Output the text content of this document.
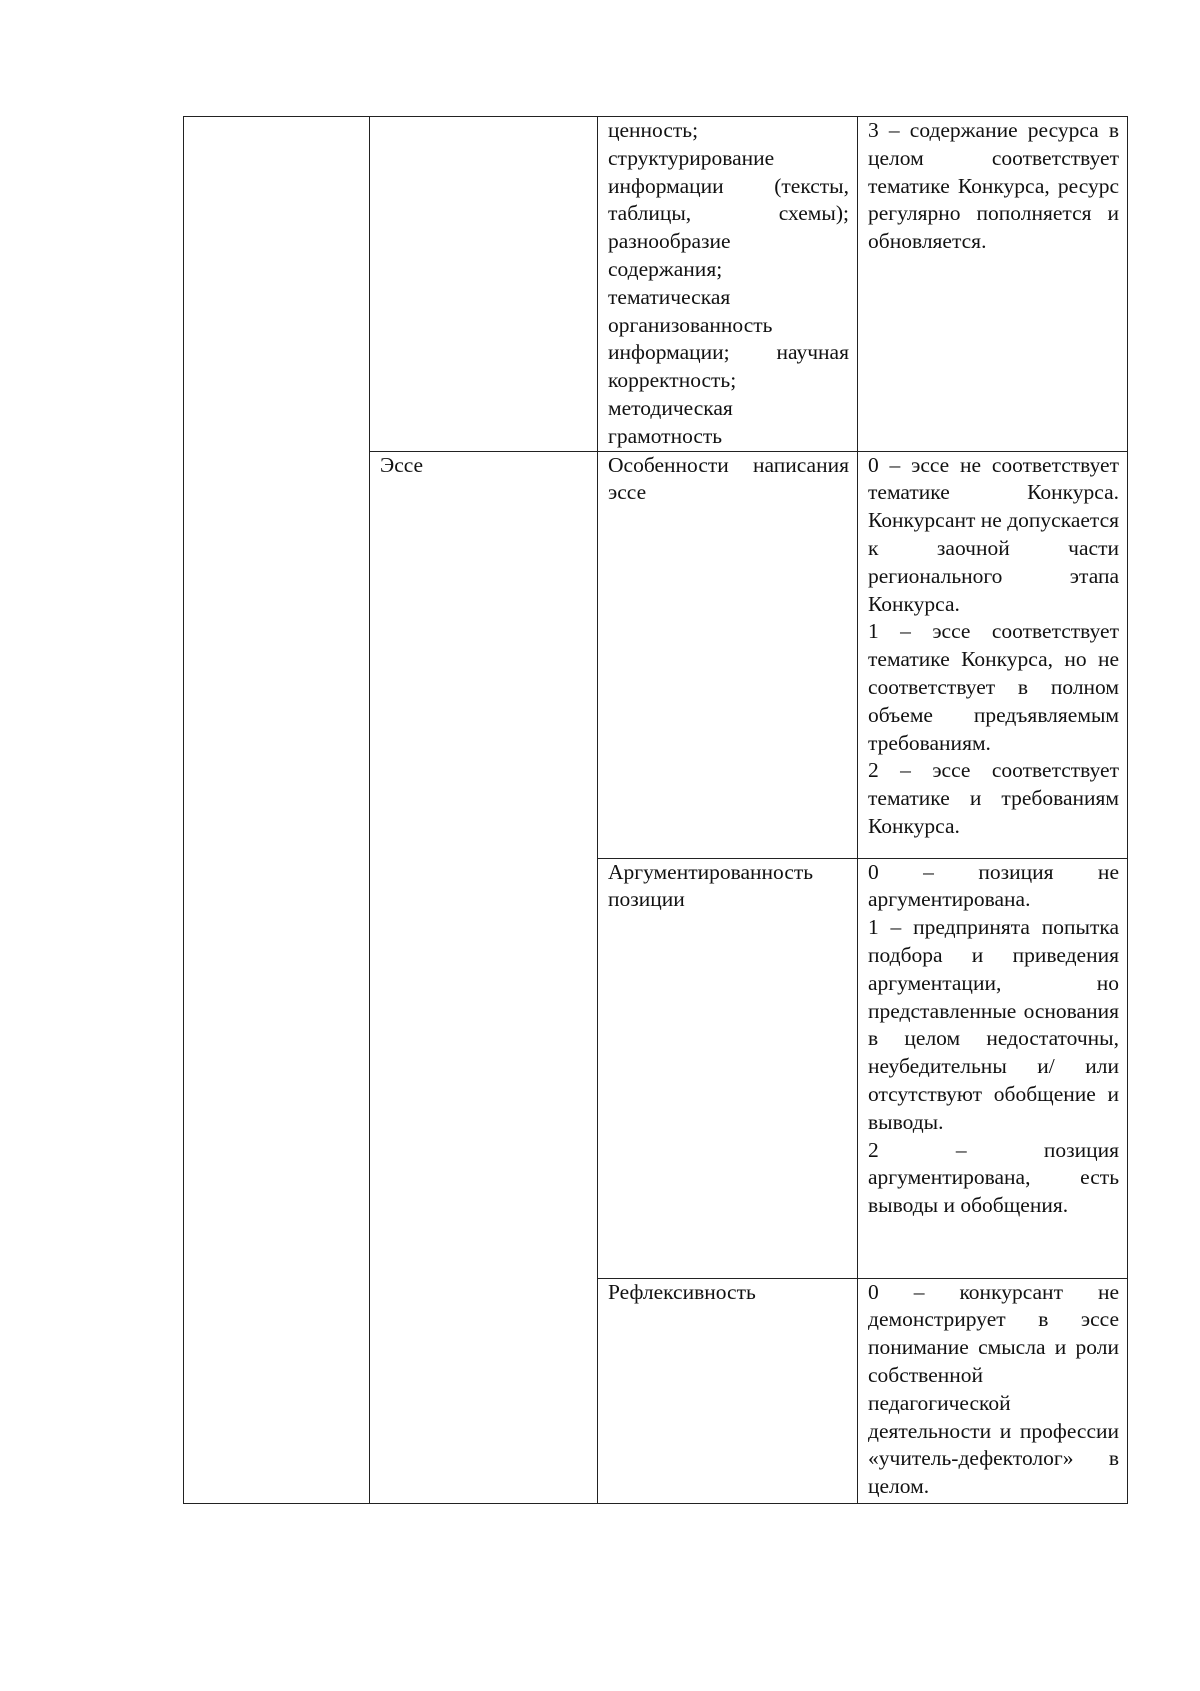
		ценность; структурирование информации (тексты, таблицы, схемы); разнообразие содержания; тематическая организованность информации; научная корректность; методическая грамотность	3 – содержание ресурса в целом соответствует тематике Конкурса, ресурс регулярно пополняется и обновляется.

	Эссе	Особенности написания эссе	0 – эссе не соответствует тематике Конкурса. Конкурсант не допускается к заочной части регионального этапа Конкурса.
1 – эссе соответствует тематике Конкурса, но не соответствует в полном объеме предъявляемым требованиям.
2 – эссе соответствует тематике и требованиям Конкурса.

		Аргументированность позиции	0 – позиция не аргументирована.
1 – предпринята попытка подбора и приведения аргументации, но представленные основания в целом недостаточны, неубедительны и/ или отсутствуют обобщение и выводы.
2 – позиция аргументирована, есть выводы и обобщения.

		Рефлексивность	0 – конкурсант не демонстрирует в эссе понимание смысла и роли собственной педагогической деятельности и профессии «учитель-дефектолог» в целом.
